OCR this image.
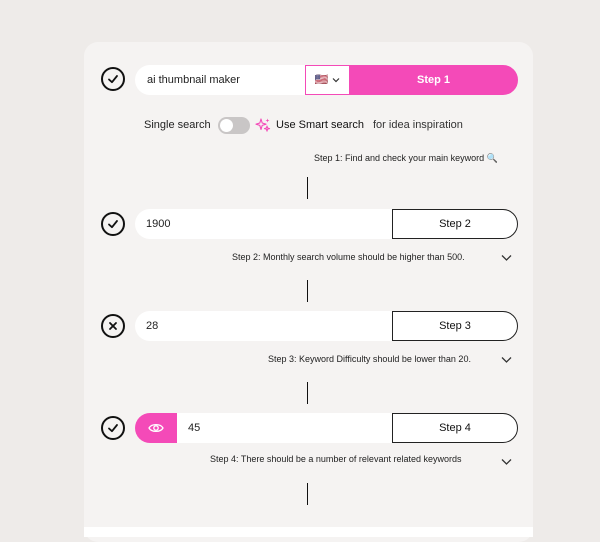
ai thumbnail maker	🇺🇸	Step 1
Single search	Use Smart search for idea inspiration
Step 1: Find and check your main keyword 🔍
1900	Step 2
Step 2: Monthly search volume should be higher than 500.
28	Step 3
Step 3: Keyword Difficulty should be lower than 20.
45	Step 4
Step 4: There should be a number of relevant related keywords
